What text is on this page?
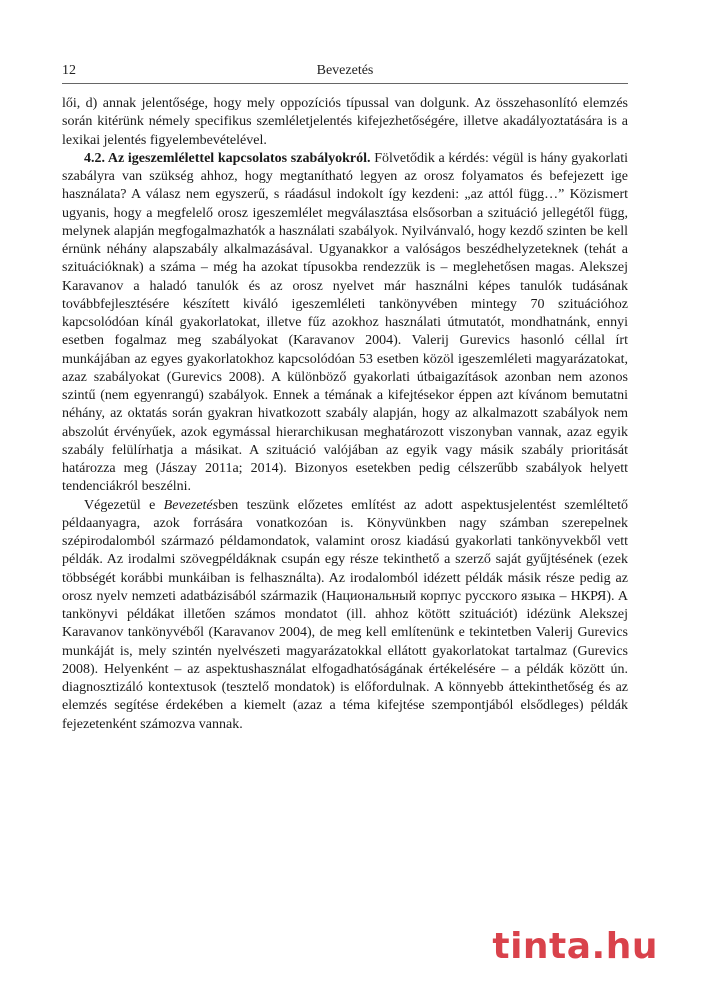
12	Bevezetés

lői, d) annak jelentősége, hogy mely oppozíciós típussal van dolgunk. Az összehasonlító elemzés során kitérünk némely specifikus szemléletjelentés kifejezhetőségére, illetve akadályoztatására is a lexikai jelentés figyelembevételével.

4.2. Az igeszemlélettel kapcsolatos szabályokról. Fölvetődik a kérdés: végül is hány gyakorlati szabályra van szükség ahhoz, hogy megtanítható legyen az orosz folyamatos és befejezett ige használata? A válasz nem egyszerű, s ráadásul indokolt így kezdeni: „az attól függ…” Közismert ugyanis, hogy a megfelelő orosz igeszemlélet megválasztása elsősorban a szituáció jellegétől függ, melynek alapján megfogalmazhatók a használati szabályok. Nyilvánvaló, hogy kezdő szinten be kell érnünk néhány alapszabály alkalmazásával. Ugyanakkor a valóságos beszédhelyzeteknek (tehát a szituációknak) a száma – még ha azokat típusokba rendezzük is – meglehetősen magas. Alekszej Karavanov a haladó tanulók és az orosz nyelvet már használni képes tanulók tudásának továbbfejlesztésére készített kiváló igeszemléleti tankönyvében mintegy 70 szituációhoz kapcsolódóan kínál gyakorlatokat, illetve fűz azokhoz használati útmutatót, mondhatnánk, ennyi esetben fogalmaz meg szabályokat (Karavanov 2004). Valerij Gurevics hasonló céllal írt munkájában az egyes gyakorlatokhoz kapcsolódóan 53 esetben közöl igeszemléleti magyarázatokat, azaz szabályokat (Gurevics 2008). A különböző gyakorlati útbaigazítások azonban nem azonos szintű (nem egyenrangú) szabályok. Ennek a témának a kifejtésekor éppen azt kívánom bemutatni néhány, az oktatás során gyakran hivatkozott szabály alapján, hogy az alkalmazott szabályok nem abszolút érvényűek, azok egymással hierarchikusan meghatározott viszonyban vannak, azaz egyik szabály felülírhatja a másikat. A szituáció valójában az egyik vagy másik szabály prioritását határozza meg (Jászay 2011a; 2014). Bizonyos esetekben pedig célszerűbb szabályok helyett tendenciákról beszélni.

Végezetül e Bevezetésben teszünk előzetes említést az adott aspektusjelentést szemléltető példaanyagra, azok forrására vonatkozóan is. Könyvünkben nagy számban szerepelnek szépirodalomból származó példamondatok, valamint orosz kiadású gyakorlati tankönyvekből vett példák. Az irodalmi szövegpéldáknak csupán egy része tekinthető a szerző saját gyűjtésének (ezek többségét korábbi munkáiban is felhasználta). Az irodalomból idézett példák másik része pedig az orosz nyelv nemzeti adatbázisából származik (Национальный корпус русского языка – НКРЯ). A tankönyvi példákat illetően számos mondatot (ill. ahhoz kötött szituációt) idézünk Alekszej Karavanov tankönyvéből (Karavanov 2004), de meg kell említenünk e tekintetben Valerij Gurevics munkáját is, mely szintén nyelvészeti magyarázatokkal ellátott gyakorlatokat tartalmaz (Gurevics 2008). Helyenként – az aspektushasználat elfogadhatóságának értékelésére – a példák között ún. diagnosztizáló kontextusok (tesztelő mondatok) is előfordulnak. A könnyebb áttekinthetőség és az elemzés segítése érdekében a kiemelt (azaz a téma kifejtése szempontjából elsődleges) példák fejezetenként számozva vannak.

tinta.hu
